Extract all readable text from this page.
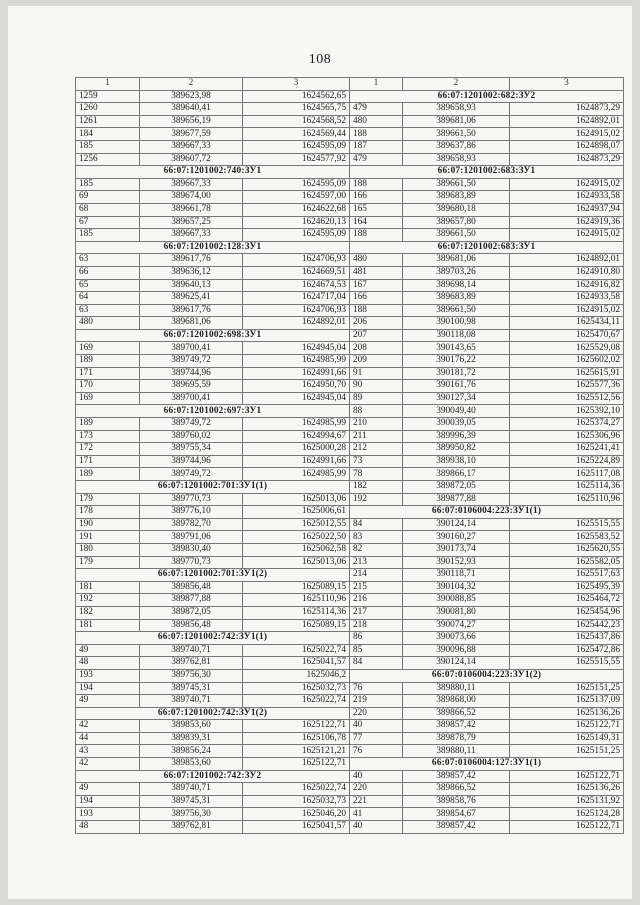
108
1	2	3
1259	389623,98	1624562,65
1260	389640,41	1624565,75
1261	389656,19	1624568,52
184	389677,59	1624569,44
185	389667,33	1624595,09
1256	389607,72	1624577,92
66:07:1201002:740:ЗУ1		
185	389667,33	1624595,09
69	389674,00	1624597,00
68	389661,78	1624622,68
67	389657,25	1624620,13
185	389667,33	1624595,09
66:07:1201002:128:ЗУ1		
63	389617,76	1624706,93
66	389636,12	1624669,51
65	389640,13	1624674,53
64	389625,41	1624717,04
63	389617,76	1624706,93
480	389681,06	1624892,01
66:07:1201002:698:ЗУ1		
169	389700,41	1624945,04
189	389749,72	1624985,99
171	389744,96	1624991,66
170	389695,59	1624950,70
169	389700,41	1624945,04
66:07:1201002:697:ЗУ1		
189	389749,72	1624985,99
173	389760,02	1624994,67
172	389755,34	1625000,28
171	389744,96	1624991,66
189	389749,72	1624985,99
66:07:1201002:701:ЗУ1(1)		
179	389770,73	1625013,06
178	389776,10	1625006,61
190	389782,70	1625012,55
191	389791,06	1625022,50
180	389830,40	1625062,58
179	389770,73	1625013,06
66:07:1201002:701:ЗУ1(2)		
181	389856,48	1625089,15
192	389877,88	1625110,96
182	389872,05	1625114,36
181	389856,48	1625089,15
66:07:1201002:742:ЗУ1(1)		
49	389740,71	1625022,74
48	389762,81	1625041,57
193	389756,30	1625046,2
194	389745,31	1625032,73
49	389740,71	1625022,74
66:07:1201002:742:ЗУ1(2)		
42	389853,60	1625122,71
44	389839,31	1625106,78
43	389856,24	1625121,21
42	389853,60	1625122,71
66:07:1201002:742:ЗУ2		
49	389740,71	1625022,74
194	389745,31	1625032,73
193	389756,30	1625046,20
48	389762,81	1625041,57
1	2	3
66:07:1201002:682:ЗУ2		
479	389658,93	1624873,29
480	389681,06	1624892,01
188	389661,50	1624915,02
187	389637,86	1624898,07
479	389658,93	1624873,29
66:07:1201002:683:ЗУ1		
188	389661,50	1624915,02
166	389683,89	1624933,58
165	389680,18	1624937,94
164	389657,80	1624919,36
188	389661,50	1624915,02
66:07:1201002:683:ЗУ1		
480	389681,06	1624892,01
481	389703,26	1624910,80
167	389698,14	1624916,82
166	389683,89	1624933,58
188	389661,50	1624915,02
206	390100,98	1625434,11
207	390118,08	1625470,67
208	390143,65	1625529,08
209	390176,22	1625602,02
91	390181,72	1625615,91
90	390161,76	1625577,36
89	390127,34	1625512,56
88	390049,40	1625392,10
210	390039,05	1625374,27
211	389996,39	1625306,96
212	389950,82	1625241,41
73	389938,10	1625224,89
78	389866,17	1625117,08
182	389872,05	1625114,36
192	389877,88	1625110,96
66:07:0106004:223:ЗУ1(1)		
84	390124,14	1625515,55
83	390160,27	1625583,52
82	390173,74	1625620,55
213	390152,93	1625582,05
214	390118,71	1625517,63
215	390104,32	1625495,39
216	390088,85	1625464,72
217	390081,80	1625454,96
218	390074,27	1625442,23
86	390073,66	1625437,86
85	390096,88	1625472,86
84	390124,14	1625515,55
66:07:0106004:223:ЗУ1(2)		
76	389880,11	1625151,25
219	389868,00	1625137,09
220	389866,52	1625136,26
40	389857,42	1625122,71
77	389878,79	1625149,31
76	389880,11	1625151,25
66:07:0106004:127:ЗУ1(1)		
40	389857,42	1625122,71
220	389866,52	1625136,26
221	389858,76	1625131,92
41	389854,67	1625124,28
40	389857,42	1625122,71
